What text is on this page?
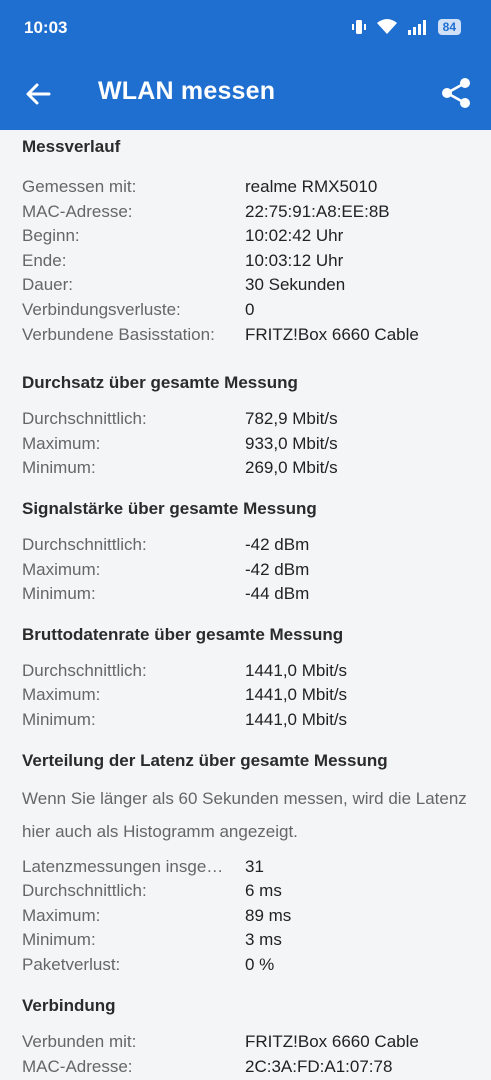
10:03	84
WLAN messen
Messverlauf
Gemessen mit:	realme RMX5010
MAC-Adresse:	22:75:91:A8:EE:8B
Beginn:	10:02:42 Uhr
Ende:	10:03:12 Uhr
Dauer:	30 Sekunden
Verbindungsverluste:	0
Verbundene Basisstation:	FRITZ!Box 6660 Cable
Durchsatz über gesamte Messung
Durchschnittlich:	782,9 Mbit/s
Maximum:	933,0 Mbit/s
Minimum:	269,0 Mbit/s
Signalstärke über gesamte Messung
Durchschnittlich:	-42 dBm
Maximum:	-42 dBm
Minimum:	-44 dBm
Bruttodatenrate über gesamte Messung
Durchschnittlich:	1441,0 Mbit/s
Maximum:	1441,0 Mbit/s
Minimum:	1441,0 Mbit/s
Verteilung der Latenz über gesamte Messung
Wenn Sie länger als 60 Sekunden messen, wird die Latenz hier auch als Histogramm angezeigt.
Latenzmessungen insge…	31
Durchschnittlich:	6 ms
Maximum:	89 ms
Minimum:	3 ms
Paketverlust:	0 %
Verbindung
Verbunden mit:	FRITZ!Box 6660 Cable
MAC-Adresse:	2C:3A:FD:A1:07:78
